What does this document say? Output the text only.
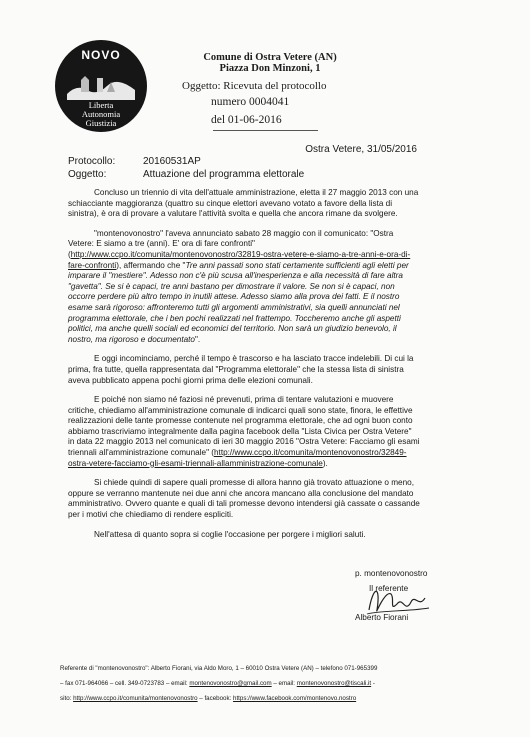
NOVO
Liberta
Autonomia
Giustizia
Comune di Ostra Vetere (AN)
Piazza Don Minzoni, 1
Oggetto: Ricevuta del protocollo
numero 0004041
del 01-06-2016
Ostra Vetere, 31/05/2016
Protocollo:	20160531AP
Oggetto:	Attuazione del programma elettorale

Concluso un triennio di vita dell'attuale amministrazione, eletta il 27 maggio 2013 con una schiacciante maggioranza (quattro su cinque elettori avevano votato a favore della lista di sinistra), è ora di provare a valutare l'attività svolta e quella che ancora rimane da svolgere.

"montenovonostro" l'aveva annunciato sabato 28 maggio con il comunicato: "Ostra Vetere: E siamo a tre (anni). E' ora di fare confronti" (http://www.ccpo.it/comunita/montenovonostro/32819-ostra-vetere-e-siamo-a-tre-anni-e-ora-di-fare-confronti), affermando che "Tre anni passati sono stati certamente sufficienti agli eletti per imparare il "mestiere". Adesso non c'è più scusa all'inesperienza e alla necessità di fare altra "gavetta". Se si è capaci, tre anni bastano per dimostrare il valore. Se non si è capaci, non occorre perdere più altro tempo in inutili attese. Adesso siamo alla prova dei fatti. E il nostro esame sarà rigoroso: affronteremo tutti gli argomenti amministrativi, sia quelli annunciati nel programma elettorale, che i ben pochi realizzati nel frattempo. Toccheremo anche gli aspetti politici, ma anche quelli sociali ed economici del territorio. Non sarà un giudizio benevolo, il nostro, ma rigoroso e documentato".

E oggi incominciamo, perché il tempo è trascorso e ha lasciato tracce indelebili. Di cui la prima, fra tutte, quella rappresentata dal "Programma elettorale" che la stessa lista di sinistra aveva pubblicato appena pochi giorni prima delle elezioni comunali.

E poiché non siamo né faziosi né prevenuti, prima di tentare valutazioni e muovere critiche, chiediamo all'amministrazione comunale di indicarci quali sono state, finora, le effettive realizzazioni delle tante promesse contenute nel programma elettorale, che ad ogni buon conto abbiamo trascriviamo integralmente dalla pagina facebook della "Lista Civica per Ostra Vetere" in data 22 maggio 2013 nel comunicato di ieri 30 maggio 2016 "Ostra Vetere: Facciamo gli esami triennali all'amministrazione comunale" (http://www.ccpo.it/comunita/montenovonostro/32849-ostra-vetere-facciamo-gli-esami-triennali-allamministrazione-comunale).

Si chiede quindi di sapere quali promesse di allora hanno già trovato attuazione o meno, oppure se verranno mantenute nei due anni che ancora mancano alla conclusione del mandato amministrativo. Ovvero quante e quali di tali promesse devono intendersi già cassate o cassande per i motivi che chiediamo di rendere espliciti.

Nell'attesa di quanto sopra si coglie l'occasione per porgere i migliori saluti.

p. montenovonostro
Il referente
Alberto Fiorani
Referente di "montenovonostro": Alberto Fiorani, via Aldo Moro, 1 – 60010 Ostra Vetere (AN) – telefono 071-965399
– fax 071-964066 – cell. 349-0723783 – email: montenovonostro@gmail.com – email: montenovonostro@tiscali.it -
sito: http://www.ccpo.it/comunita/montenovonostro – facebook: https://www.facebook.com/montenovo.nostro
